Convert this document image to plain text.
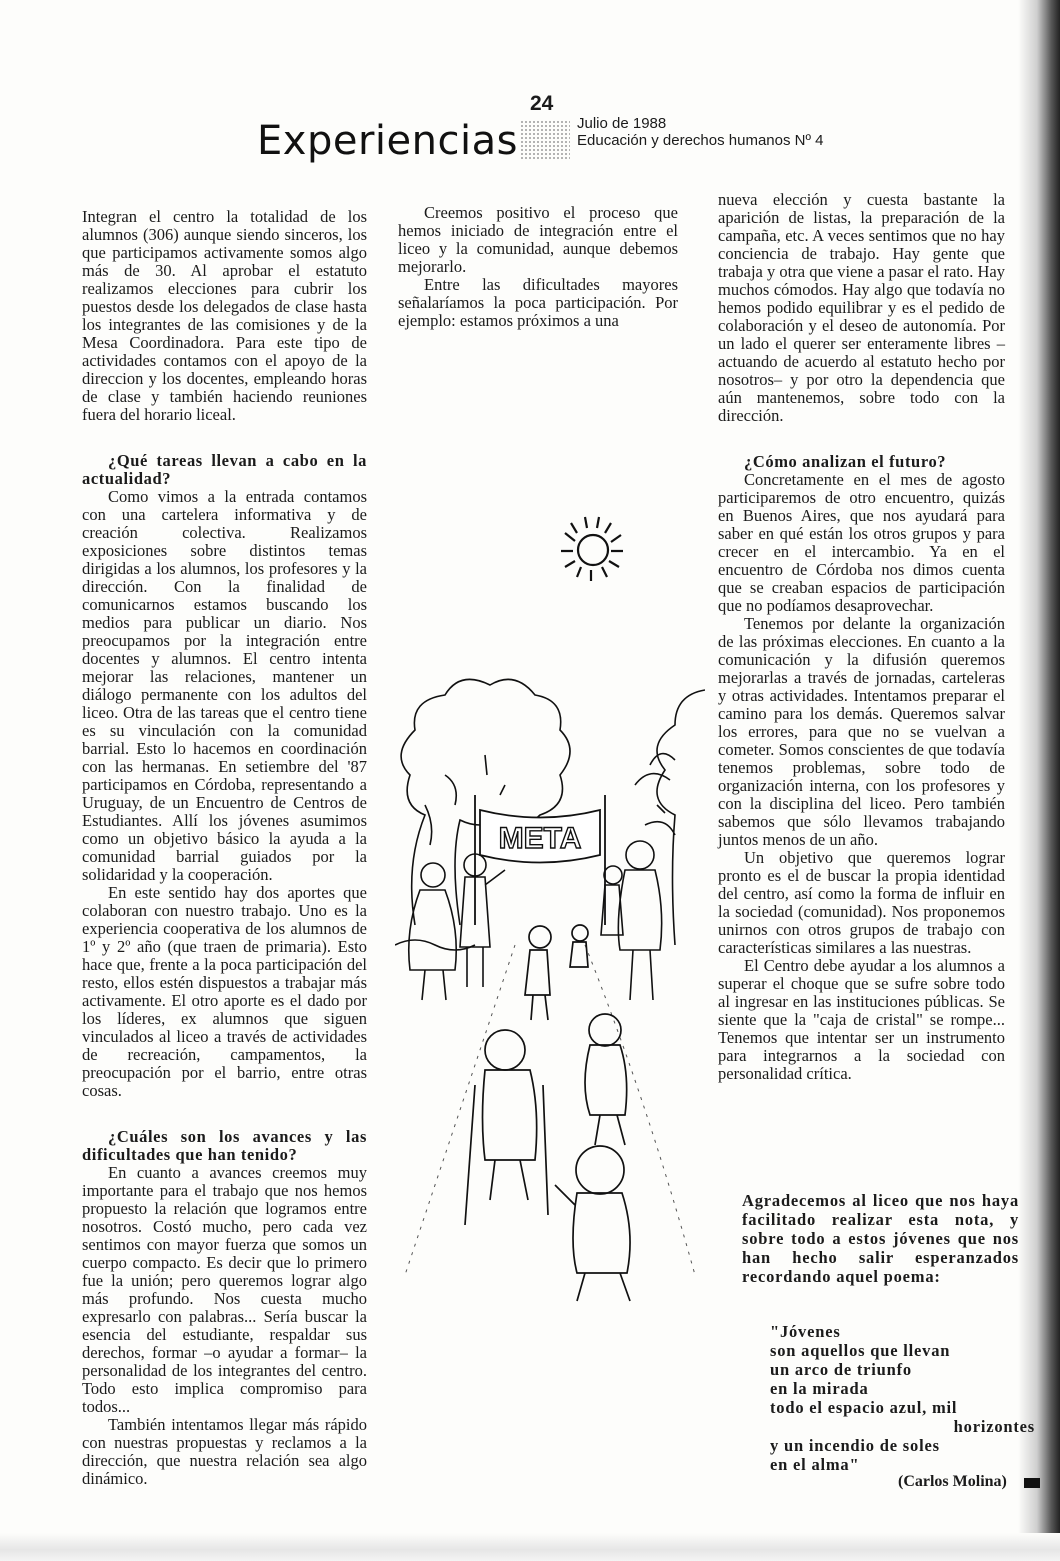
24
Experiencias	Julio de 1988
Educación y derechos humanos Nº 4

Integran el centro la totalidad de los alumnos (306) aunque siendo sinceros, los que participamos activamente somos algo más de 30. Al aprobar el estatuto realizamos elecciones para cubrir los puestos desde los delegados de clase hasta los integrantes de las comisiones y de la Mesa Coordinadora. Para este tipo de actividades contamos con el apoyo de la direccion y los docentes, empleando horas de clase y también haciendo reuniones fuera del horario liceal.

¿Qué tareas llevan a cabo en la actualidad?

Como vimos a la entrada contamos con una cartelera informativa y de creación colectiva. Realizamos exposiciones sobre distintos temas dirigidas a los alumnos, los profesores y la dirección. Con la finalidad de comunicarnos estamos buscando los medios para publicar un diario. Nos preocupamos por la integración entre docentes y alumnos. El centro intenta mejorar las relaciones, mantener un diálogo permanente con los adultos del liceo. Otra de las tareas que el centro tiene es su vinculación con la comunidad barrial. Esto lo hacemos en coordinación con las hermanas. En setiembre del '87 participamos en Córdoba, representando a Uruguay, de un Encuentro de Centros de Estudiantes. Allí los jóvenes asumimos como un objetivo básico la ayuda a la comunidad barrial guiados por la solidaridad y la cooperación.

En este sentido hay dos aportes que colaboran con nuestro trabajo. Uno es la experiencia cooperativa de los alumnos de 1º y 2º año (que traen de primaria). Esto hace que, frente a la poca participación del resto, ellos estén dispuestos a trabajar más activamente. El otro aporte es el dado por los líderes, ex alumnos que siguen vinculados al liceo a través de actividades de recreación, campamentos, la preocupación por el barrio, entre otras cosas.

¿Cuáles son los avances y las dificultades que han tenido?

En cuanto a avances creemos muy importante para el trabajo que nos hemos propuesto la relación que logramos entre nosotros. Costó mucho, pero cada vez sentimos con mayor fuerza que somos un cuerpo compacto. Es decir que lo primero fue la unión; pero queremos lograr algo más profundo. Nos cuesta mucho expresarlo con palabras... Sería buscar la esencia del estudiante, respaldar sus derechos, formar –o ayudar a formar– la personalidad de los integrantes del centro. Todo esto implica compromiso para todos...

También intentamos llegar más rápido con nuestras propuestas y reclamos a la dirección, que nuestra relación sea algo dinámico.

Creemos positivo el proceso que hemos iniciado de integración entre el liceo y la comunidad, aunque debemos mejorarlo.

Entre las dificultades mayores señalaríamos la poca participación. Por ejemplo: estamos próximos a una

META

nueva elección y cuesta bastante la aparición de listas, la preparación de la campaña, etc. A veces sentimos que no hay conciencia de trabajo. Hay gente que trabaja y otra que viene a pasar el rato. Hay muchos cómodos. Hay algo que todavía no hemos podido equilibrar y es el pedido de colaboración y el deseo de autonomía. Por un lado el querer ser enteramente libres –actuando de acuerdo al estatuto hecho por nosotros– y por otro la dependencia que aún mantenemos, sobre todo con la dirección.

¿Cómo analizan el futuro?

Concretamente en el mes de agosto participaremos de otro encuentro, quizás en Buenos Aires, que nos ayudará para saber en qué están los otros grupos y para crecer en el intercambio. Ya en el encuentro de Córdoba nos dimos cuenta que se creaban espacios de participación que no podíamos desaprovechar.

Tenemos por delante la organización de las próximas elecciones. En cuanto a la comunicación y la difusión queremos mejorarlas a través de jornadas, carteleras y otras actividades. Intentamos preparar el camino para los demás. Queremos salvar los errores, para que no se vuelvan a cometer. Somos conscientes de que todavía tenemos problemas, sobre todo de organización interna, con los profesores y con la disciplina del liceo. Pero también sabemos que sólo llevamos trabajando juntos menos de un año.

Un objetivo que queremos lograr pronto es el de buscar la propia identidad del centro, así como la forma de influir en la sociedad (comunidad). Nos proponemos unirnos con otros grupos de trabajo con características similares a las nuestras.

El Centro debe ayudar a los alumnos a superar el choque que se sufre sobre todo al ingresar en las instituciones públicas. Se siente que la "caja de cristal" se rompe... Tenemos que intentar ser un instrumento para integrarnos a la sociedad con personalidad crítica.

Agradecemos al liceo que nos haya facilitado realizar esta nota, y sobre todo a estos jóvenes que nos han hecho salir esperanzados recordando aquel poema:
"Jóvenes
son aquellos que llevan
un arco de triunfo
en la mirada
todo el espacio azul, mil
horizontes
y un incendio de soles
en el alma"
(Carlos Molina)
